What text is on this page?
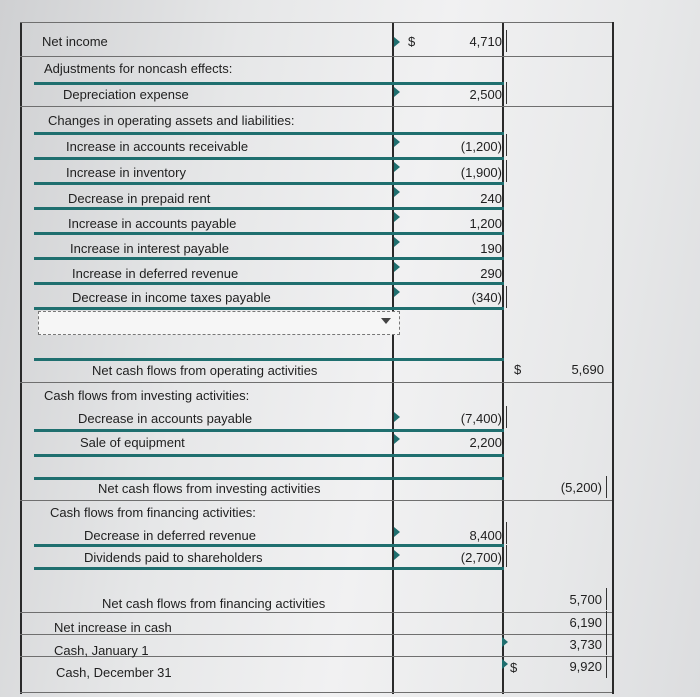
Net income
Adjustments for noncash effects:
Depreciation expense
Changes in operating assets and liabilities:
Increase in accounts receivable
Increase in inventory
Decrease in prepaid rent
Increase in accounts payable
Increase in interest payable
Increase in deferred revenue
Decrease in income taxes payable
Net cash flows from operating activities
Cash flows from investing activities:
Decrease in accounts payable
Sale of equipment
Net cash flows from investing activities
Cash flows from financing activities:
Decrease in deferred revenue
Dividends paid to shareholders
Net cash flows from financing activities
Net increase in cash
Cash, January 1
Cash, December 31
$
$
$
4,710
2,500
(1,200)
(1,900)
240
1,200
190
290
(340)
(7,400)
2,200
8,400
(2,700)
5,690
(5,200)
5,700
6,190
3,730
9,920
